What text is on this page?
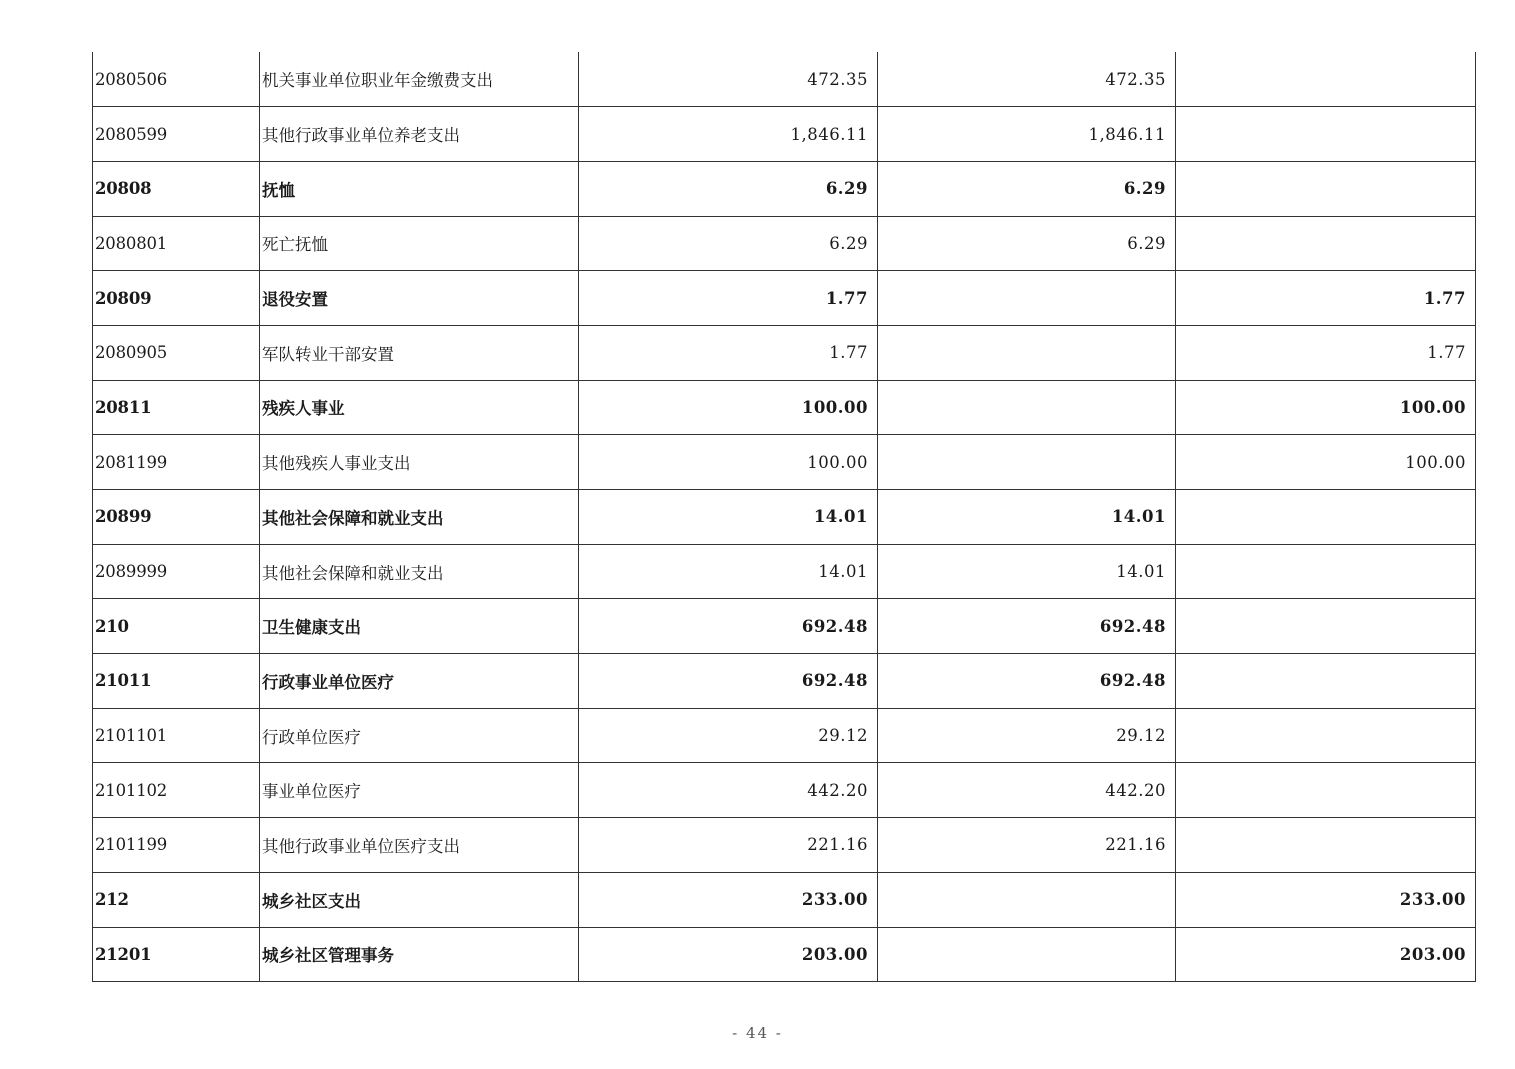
2080506	机关事业单位职业年金缴费支出	472.35	472.35	
2080599	其他行政事业单位养老支出	1,846.11	1,846.11	
20808	抚恤	6.29	6.29	
2080801	死亡抚恤	6.29	6.29	
20809	退役安置	1.77		1.77
2080905	军队转业干部安置	1.77		1.77
20811	残疾人事业	100.00		100.00
2081199	其他残疾人事业支出	100.00		100.00
20899	其他社会保障和就业支出	14.01	14.01	
2089999	其他社会保障和就业支出	14.01	14.01	
210	卫生健康支出	692.48	692.48	
21011	行政事业单位医疗	692.48	692.48	
2101101	行政单位医疗	29.12	29.12	
2101102	事业单位医疗	442.20	442.20	
2101199	其他行政事业单位医疗支出	221.16	221.16	
212	城乡社区支出	233.00		233.00
21201	城乡社区管理事务	203.00		203.00
- 44 -
